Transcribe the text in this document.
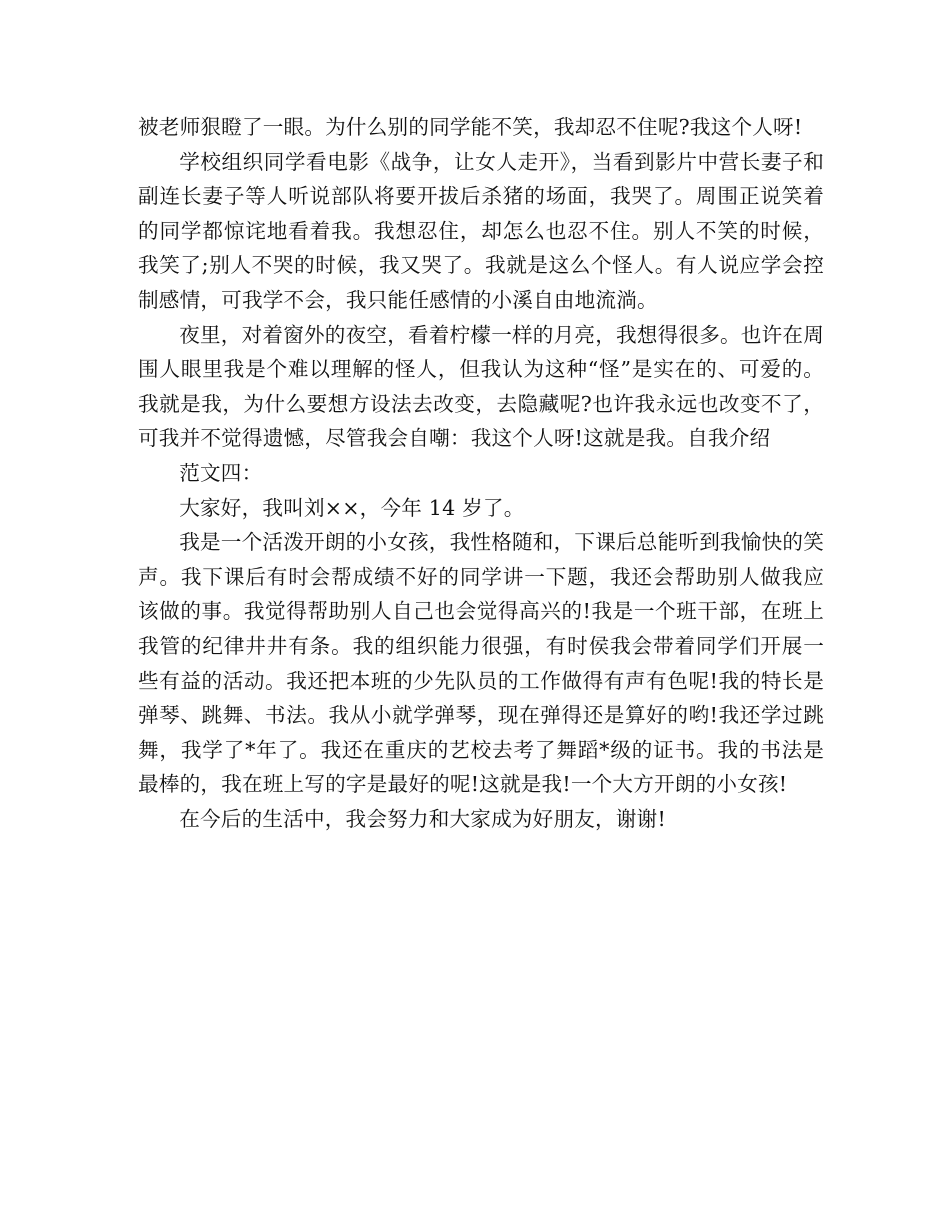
被老师狠瞪了一眼。为什么别的同学能不笑，我却忍不住呢?我这个人呀!

学校组织同学看电影《战争，让女人走开》，当看到影片中营长妻子和副连长妻子等人听说部队将要开拔后杀猪的场面，我哭了。周围正说笑着的同学都惊诧地看着我。我想忍住，却怎么也忍不住。别人不笑的时候，我笑了;别人不哭的时候，我又哭了。我就是这么个怪人。有人说应学会控制感情，可我学不会，我只能任感情的小溪自由地流淌。

夜里，对着窗外的夜空，看着柠檬一样的月亮，我想得很多。也许在周围人眼里我是个难以理解的怪人，但我认为这种“怪”是实在的、可爱的。我就是我，为什么要想方设法去改变，去隐藏呢?也许我永远也改变不了，可我并不觉得遗憾，尽管我会自嘲：我这个人呀!这就是我。自我介绍

范文四：

大家好，我叫刘××，今年 14 岁了。

我是一个活泼开朗的小女孩，我性格随和，下课后总能听到我愉快的笑声。我下课后有时会帮成绩不好的同学讲一下题，我还会帮助别人做我应该做的事。我觉得帮助别人自己也会觉得高兴的!我是一个班干部，在班上我管的纪律井井有条。我的组织能力很强，有时侯我会带着同学们开展一些有益的活动。我还把本班的少先队员的工作做得有声有色呢!我的特长是弹琴、跳舞、书法。我从小就学弹琴，现在弹得还是算好的哟!我还学过跳舞，我学了*年了。我还在重庆的艺校去考了舞蹈*级的证书。我的书法是最棒的，我在班上写的字是最好的呢!这就是我!一个大方开朗的小女孩!

在今后的生活中，我会努力和大家成为好朋友，谢谢!
